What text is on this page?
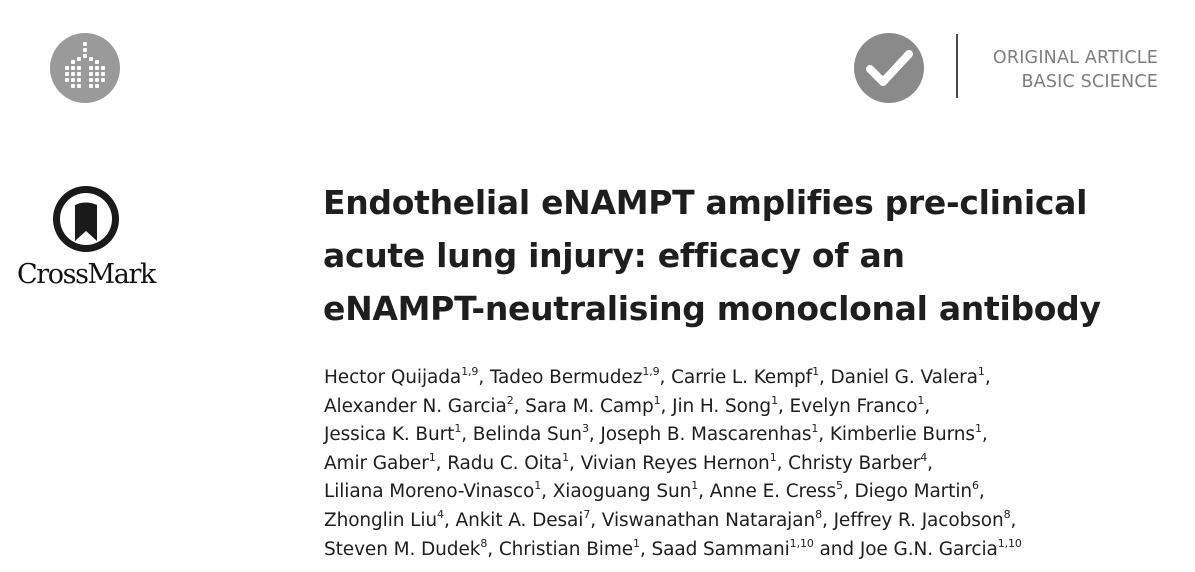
ORIGINAL ARTICLE
BASIC SCIENCE
CrossMark
Endothelial eNAMPT amplifies pre-clinical
acute lung injury: efficacy of an
eNAMPT-neutralising monoclonal antibody
Hector Quijada$^{1,9}$, Tadeo Bermudez$^{1,9}$, Carrie L. Kempf$^1$, Daniel G. Valera$^1$,
Alexander N. Garcia$^2$, Sara M. Camp$^1$, Jin H. Song$^1$, Evelyn Franco$^1$,
Jessica K. Burt$^1$, Belinda Sun$^3$, Joseph B. Mascarenhas$^1$, Kimberlie Burns$^1$,
Amir Gaber$^1$, Radu C. Oita$^1$, Vivian Reyes Hernon$^1$, Christy Barber$^4$,
Liliana Moreno-Vinasco$^1$, Xiaoguang Sun$^1$, Anne E. Cress$^5$, Diego Martin$^6$,
Zhonglin Liu$^4$, Ankit A. Desai$^7$, Viswanathan Natarajan$^8$, Jeffrey R. Jacobson$^8$,
Steven M. Dudek$^8$, Christian Bime$^1$, Saad Sammani$^{1,10}$ and Joe G.N. Garcia$^{1,10}$
